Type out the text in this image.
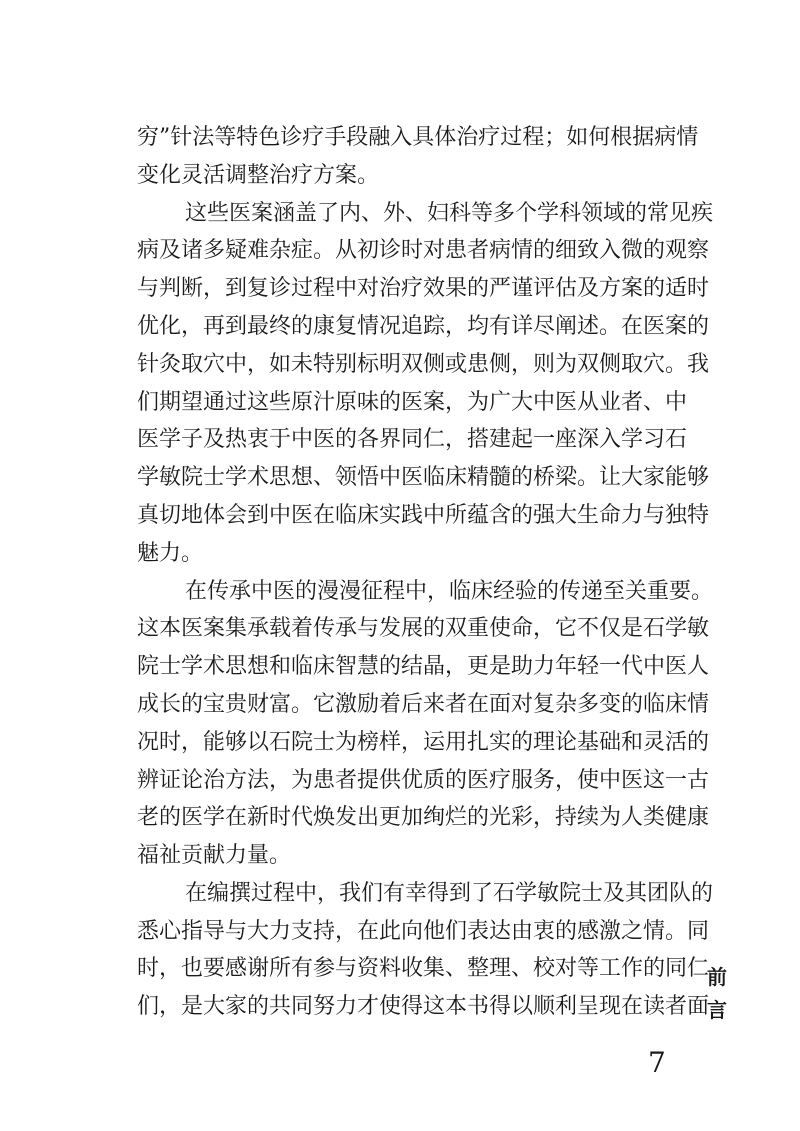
穷”针法等特色诊疗手段融入具体治疗过程；如何根据病情
变化灵活调整治疗方案。
这些医案涵盖了内、外、妇科等多个学科领域的常见疾
病及诸多疑难杂症。从初诊时对患者病情的细致入微的观察
与判断，到复诊过程中对治疗效果的严谨评估及方案的适时
优化，再到最终的康复情况追踪，均有详尽阐述。在医案的
针灸取穴中，如未特别标明双侧或患侧，则为双侧取穴。我
们期望通过这些原汁原味的医案，为广大中医从业者、中
医学子及热衷于中医的各界同仁，搭建起一座深入学习石
学敏院士学术思想、领悟中医临床精髓的桥梁。让大家能够
真切地体会到中医在临床实践中所蕴含的强大生命力与独特
魅力。
在传承中医的漫漫征程中，临床经验的传递至关重要。
这本医案集承载着传承与发展的双重使命，它不仅是石学敏
院士学术思想和临床智慧的结晶，更是助力年轻一代中医人
成长的宝贵财富。它激励着后来者在面对复杂多变的临床情
况时，能够以石院士为榜样，运用扎实的理论基础和灵活的
辨证论治方法，为患者提供优质的医疗服务，使中医这一古
老的医学在新时代焕发出更加绚烂的光彩，持续为人类健康
福祉贡献力量。
在编撰过程中，我们有幸得到了石学敏院士及其团队的
悉心指导与大力支持，在此向他们表达由衷的感激之情。同
时，也要感谢所有参与资料收集、整理、校对等工作的同仁
们，是大家的共同努力才使得这本书得以顺利呈现在读者面
前
言
7
